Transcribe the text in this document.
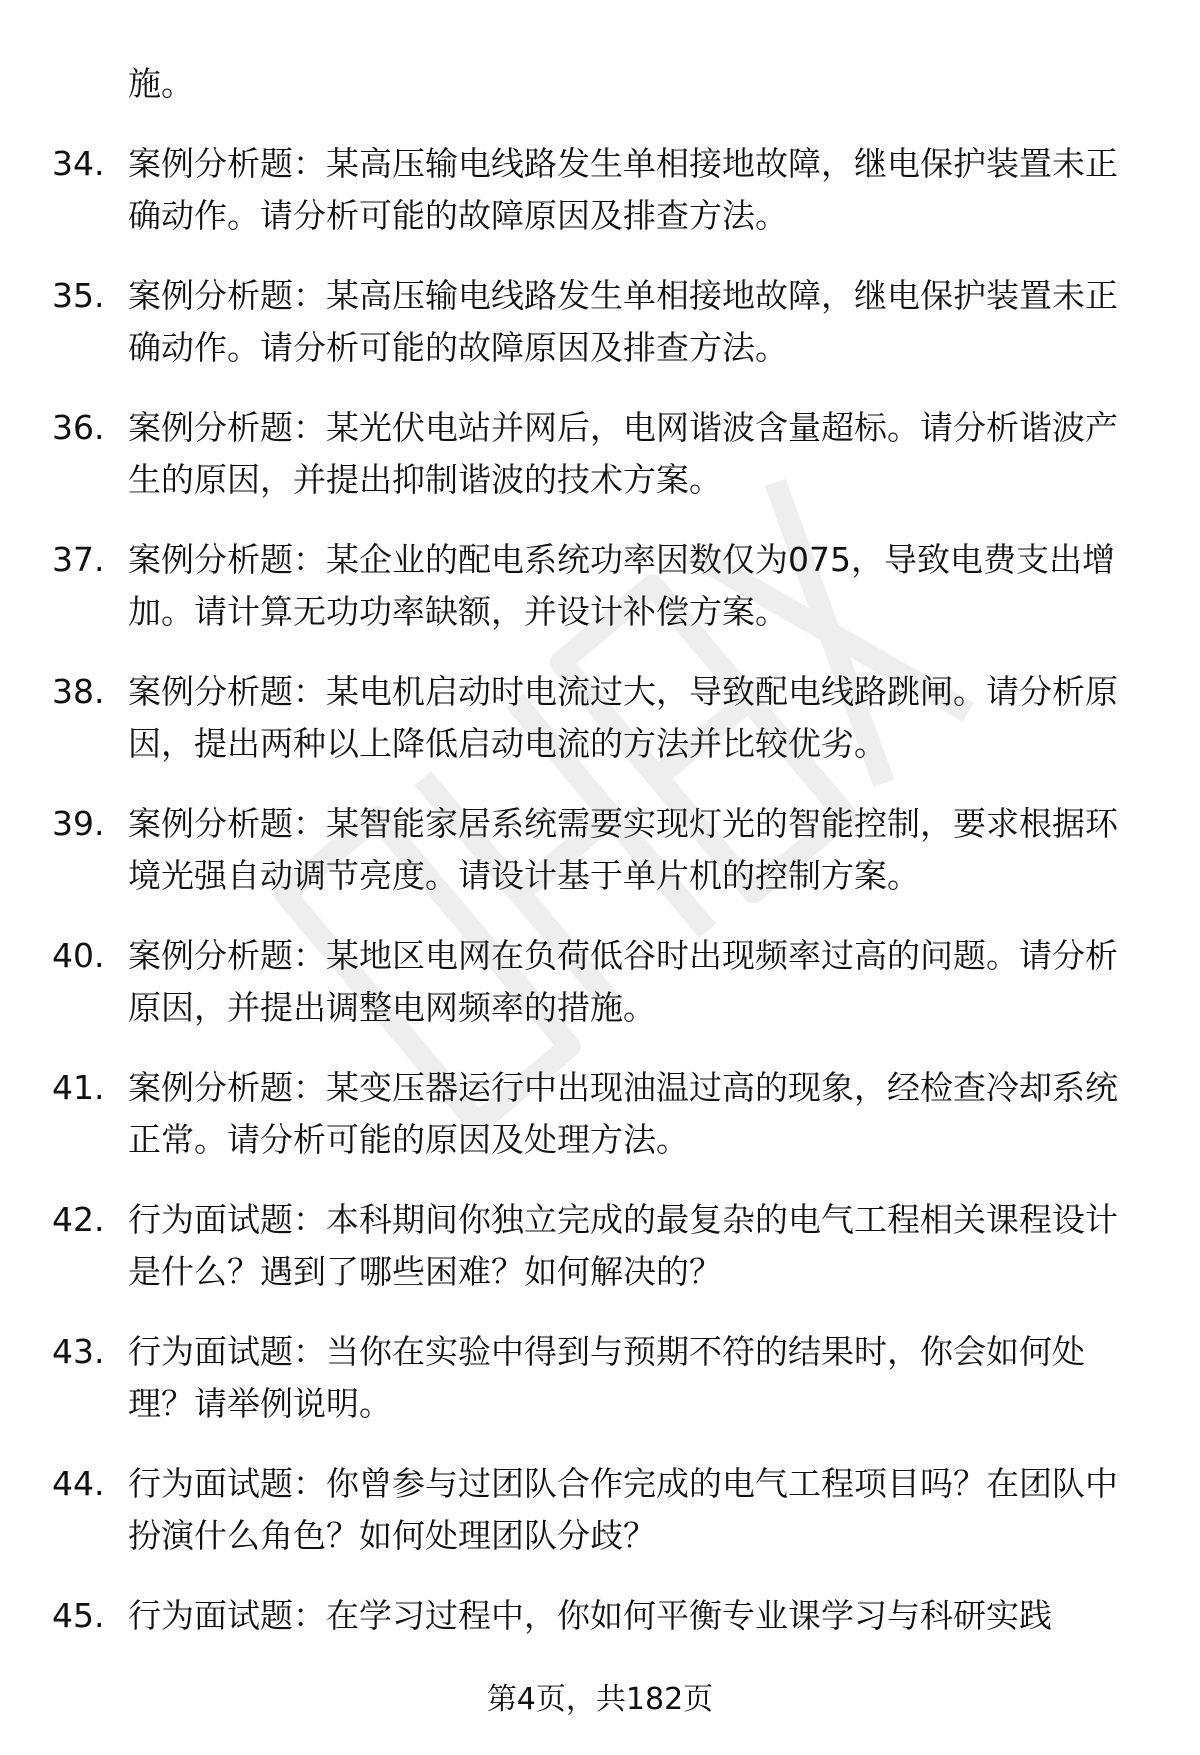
施。
34. 案例分析题：某高压输电线路发生单相接地故障，继电保护装置未正确动作。请分析可能的故障原因及排查方法。
35. 案例分析题：某高压输电线路发生单相接地故障，继电保护装置未正确动作。请分析可能的故障原因及排查方法。
36. 案例分析题：某光伏电站并网后，电网谐波含量超标。请分析谐波产生的原因，并提出抑制谐波的技术方案。
37. 案例分析题：某企业的配电系统功率因数仅为075，导致电费支出增加。请计算无功功率缺额，并设计补偿方案。
38. 案例分析题：某电机启动时电流过大，导致配电线路跳闸。请分析原因，提出两种以上降低启动电流的方法并比较优劣。
39. 案例分析题：某智能家居系统需要实现灯光的智能控制，要求根据环境光强自动调节亮度。请设计基于单片机的控制方案。
40. 案例分析题：某地区电网在负荷低谷时出现频率过高的问题。请分析原因，并提出调整电网频率的措施。
41. 案例分析题：某变压器运行中出现油温过高的现象，经检查冷却系统正常。请分析可能的原因及处理方法。
42. 行为面试题：本科期间你独立完成的最复杂的电气工程相关课程设计是什么？遇到了哪些困难？如何解决的？
43. 行为面试题：当你在实验中得到与预期不符的结果时，你会如何处理？请举例说明。
44. 行为面试题：你曾参与过团队合作完成的电气工程项目吗？在团队中扮演什么角色？如何处理团队分歧？
45. 行为面试题：在学习过程中，你如何平衡专业课学习与科研实践
第4页，共182页
